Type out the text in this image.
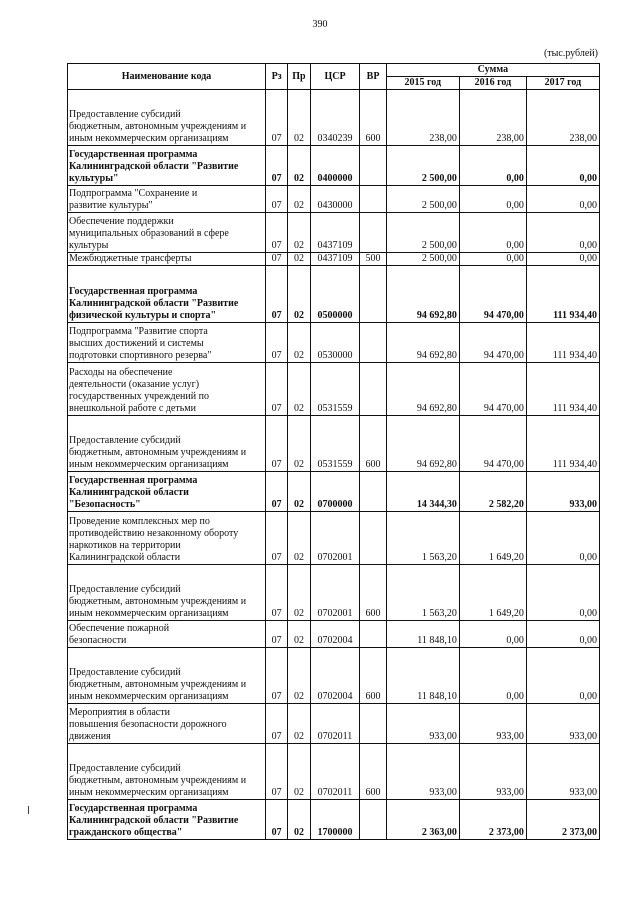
390
(тыс.рублей)
Наименование кода	Рз	Пр	ЦСР	ВР	Сумма		
					2015 год	2016 год	2017 год
Предоставление субсидий
бюджетным, автономным учреждениям и
иным некоммерческим организациям	07	02	0340239	600	238,00	238,00	238,00
Государственная программа
Калининградской области "Развитие
культуры"	07	02	0400000		2 500,00	0,00	0,00
Подпрограмма "Сохранение и
развитие культуры"	07	02	0430000		2 500,00	0,00	0,00
Обеспечение поддержки
муниципальных образований в сфере
культуры	07	02	0437109		2 500,00	0,00	0,00
Межбюджетные трансферты	07	02	0437109	500	2 500,00	0,00	0,00
Государственная программа
Калининградской области "Развитие
физической культуры и спорта"	07	02	0500000		94 692,80	94 470,00	111 934,40
Подпрограмма "Развитие спорта
высших достижений и системы
подготовки спортивного резерва"	07	02	0530000		94 692,80	94 470,00	111 934,40
Расходы на обеспечение
деятельности (оказание услуг)
государственных учреждений по
внешкольной работе с детьми	07	02	0531559		94 692,80	94 470,00	111 934,40
Предоставление субсидий
бюджетным, автономным учреждениям и
иным некоммерческим организациям	07	02	0531559	600	94 692,80	94 470,00	111 934,40
Государственная программа
Калининградской области
"Безопасность"	07	02	0700000		14 344,30	2 582,20	933,00
Проведение комплексных мер по
противодействию незаконному обороту
наркотиков на территории
Калининградской области	07	02	0702001		1 563,20	1 649,20	0,00
Предоставление субсидий
бюджетным, автономным учреждениям и
иным некоммерческим организациям	07	02	0702001	600	1 563,20	1 649,20	0,00
Обеспечение пожарной
безопасности	07	02	0702004		11 848,10	0,00	0,00
Предоставление субсидий
бюджетным, автономным учреждениям и
иным некоммерческим организациям	07	02	0702004	600	11 848,10	0,00	0,00
Мероприятия в области
повышения безопасности дорожного
движения	07	02	0702011		933,00	933,00	933,00
Предоставление субсидий
бюджетным, автономным учреждениям и
иным некоммерческим организациям	07	02	0702011	600	933,00	933,00	933,00
Государственная программа
Калининградской области "Развитие
гражданского общества"	07	02	1700000		2 363,00	2 373,00	2 373,00
